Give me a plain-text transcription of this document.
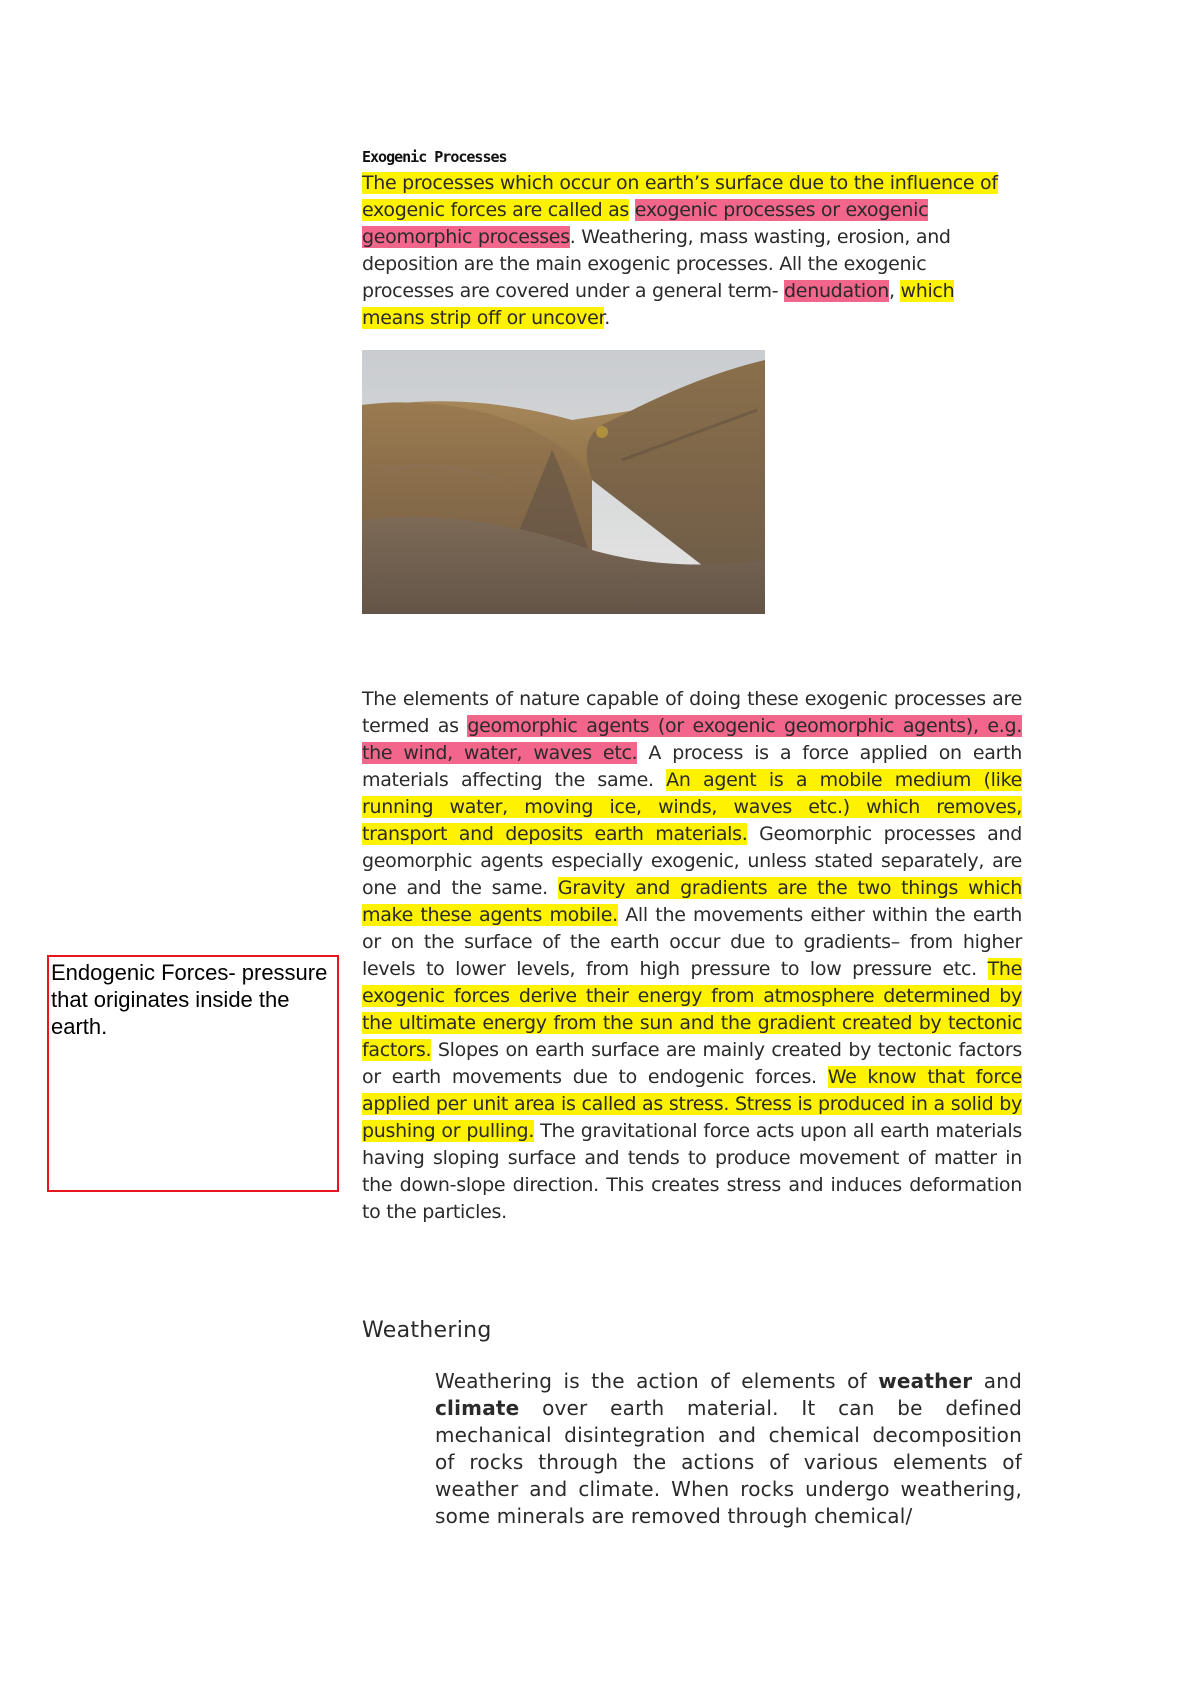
Exogenic Processes

The processes which occur on earth’s surface due to the influence of exogenic forces are called as exogenic processes or exogenic geomorphic processes. Weathering, mass wasting, erosion, and deposition are the main exogenic processes. All the exogenic processes are covered under a general term- denudation, which means strip off or uncover.

The elements of nature capable of doing these exogenic processes are termed as geomorphic agents (or exogenic geomorphic agents), e.g. the wind, water, waves etc. A process is a force applied on earth materials affecting the same. An agent is a mobile medium (like running water, moving ice, winds, waves etc.) which removes, transport and deposits earth materials. Geomorphic processes and geomorphic agents especially exogenic, unless stated separately, are one and the same. Gravity and gradients are the two things which make these agents mobile. All the movements either within the earth or on the surface of the earth occur due to gradients– from higher levels to lower levels, from high pressure to low pressure etc. The exogenic forces derive their energy from atmosphere determined by the ultimate energy from the sun and the gradient created by tectonic factors. Slopes on earth surface are mainly created by tectonic factors or earth movements due to endogenic forces. We know that force applied per unit area is called as stress. Stress is produced in a solid by pushing or pulling. The gravitational force acts upon all earth materials having sloping surface and tends to produce movement of matter in the down-slope direction. This creates stress and induces deformation to the particles.

Endogenic Forces- pressure that originates inside the earth.

Weathering

Weathering is the action of elements of weather and climate over earth material. It can be defined mechanical disintegration and chemical decomposition of rocks through the actions of various elements of weather and climate. When rocks undergo weathering, some minerals are removed through chemical/
